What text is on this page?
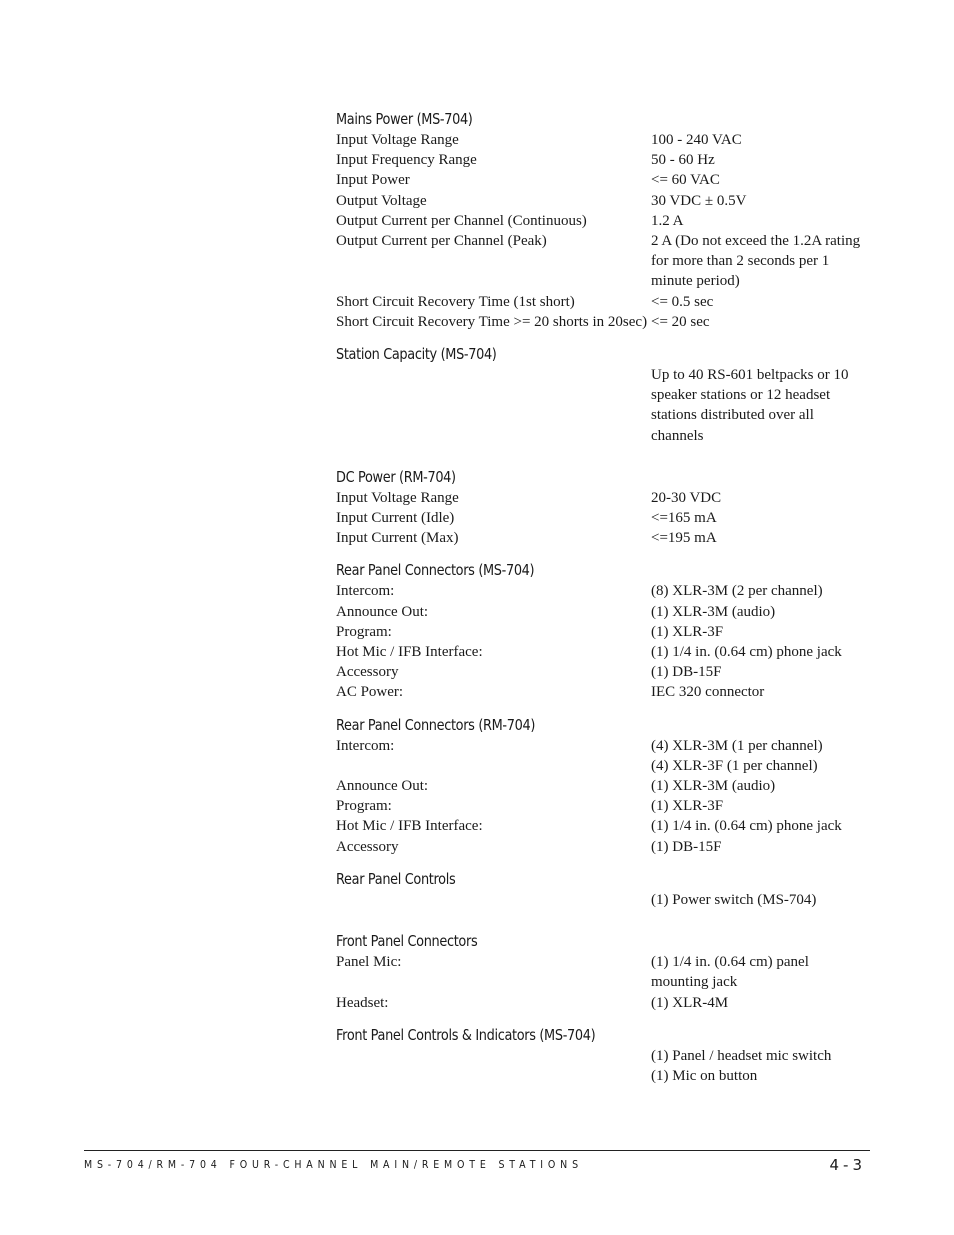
Mains Power (MS-704)
Input Voltage Range	100 - 240 VAC
Input Frequency Range	50 - 60 Hz
Input Power	<= 60 VAC
Output Voltage	30 VDC ± 0.5V
Output Current per Channel (Continuous)	1.2 A
Output Current per Channel (Peak)	2 A (Do not exceed the 1.2A rating for more than 2 seconds per 1 minute period)
Short Circuit Recovery Time (1st short)	<= 0.5 sec
Short Circuit Recovery Time >= 20 shorts in 20sec) <= 20 sec
Station Capacity (MS-704)
Up to 40 RS-601 beltpacks or 10 speaker stations or 12 headset stations distributed over all channels
DC Power (RM-704)
Input Voltage Range	20-30 VDC
Input Current (Idle)	<=165 mA
Input Current (Max)	<=195 mA
Rear Panel Connectors (MS-704)
Intercom:	(8) XLR-3M (2 per channel)
Announce Out:	(1) XLR-3M (audio)
Program:	(1) XLR-3F
Hot Mic / IFB Interface:	(1) 1/4 in. (0.64 cm) phone jack
Accessory	(1) DB-15F
AC Power:	IEC 320 connector
Rear Panel Connectors (RM-704)
Intercom:	(4) XLR-3M (1 per channel)
(4) XLR-3F (1 per channel)
Announce Out:	(1) XLR-3M (audio)
Program:	(1) XLR-3F
Hot Mic / IFB Interface:	(1) 1/4 in. (0.64 cm) phone jack
Accessory	(1) DB-15F
Rear Panel Controls
(1) Power switch (MS-704)
Front Panel Connectors
Panel Mic:	(1) 1/4 in. (0.64 cm) panel mounting jack
Headset:	(1) XLR-4M
Front Panel Controls & Indicators (MS-704)
(1) Panel / headset mic switch
(1) Mic on button
MS-704/RM-704 FOUR-CHANNEL MAIN/REMOTE STATIONS	4-3
